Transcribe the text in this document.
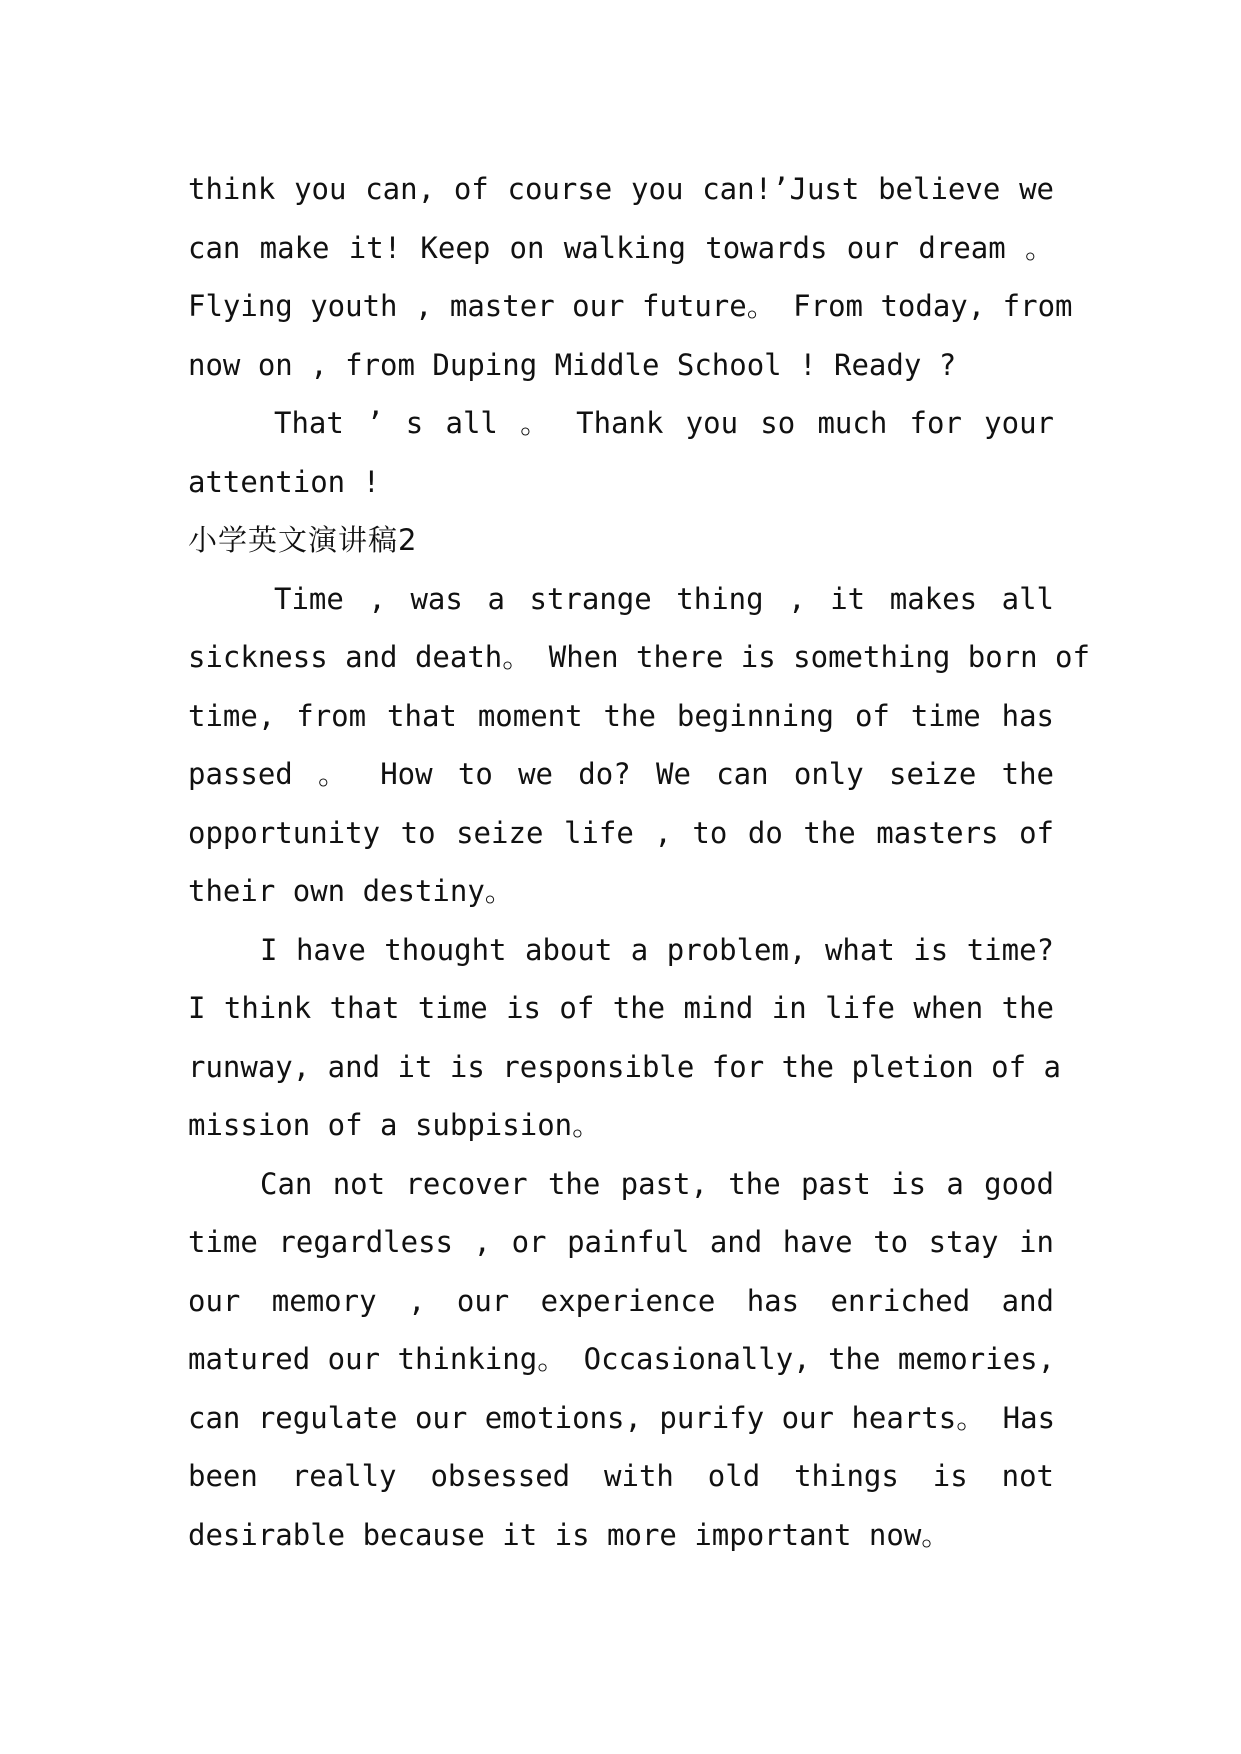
think you can, of course you can!’Just believe we
can make it! Keep on walking towards our dream 。
Flying youth , master our future。 From today, from
now on , from Duping Middle School ! Ready ?
That ’ s all 。 Thank you so much for your
attention !
小学英文演讲稿2
Time , was a strange thing , it makes all
sickness and death。 When there is something born of
time, from that moment the beginning of time has
passed 。 How to we do? We can only seize the
opportunity to seize life , to do the masters of
their own destiny。
I have thought about a problem, what is time?
I think that time is of the mind in life when the
runway, and it is responsible for the pletion of a
mission of a subpision。
Can not recover the past, the past is a good
time regardless , or painful and have to stay in
our memory , our experience has enriched and
matured our thinking。 Occasionally, the memories,
can regulate our emotions, purify our hearts。 Has
been really obsessed with old things is not
desirable because it is more important now。
